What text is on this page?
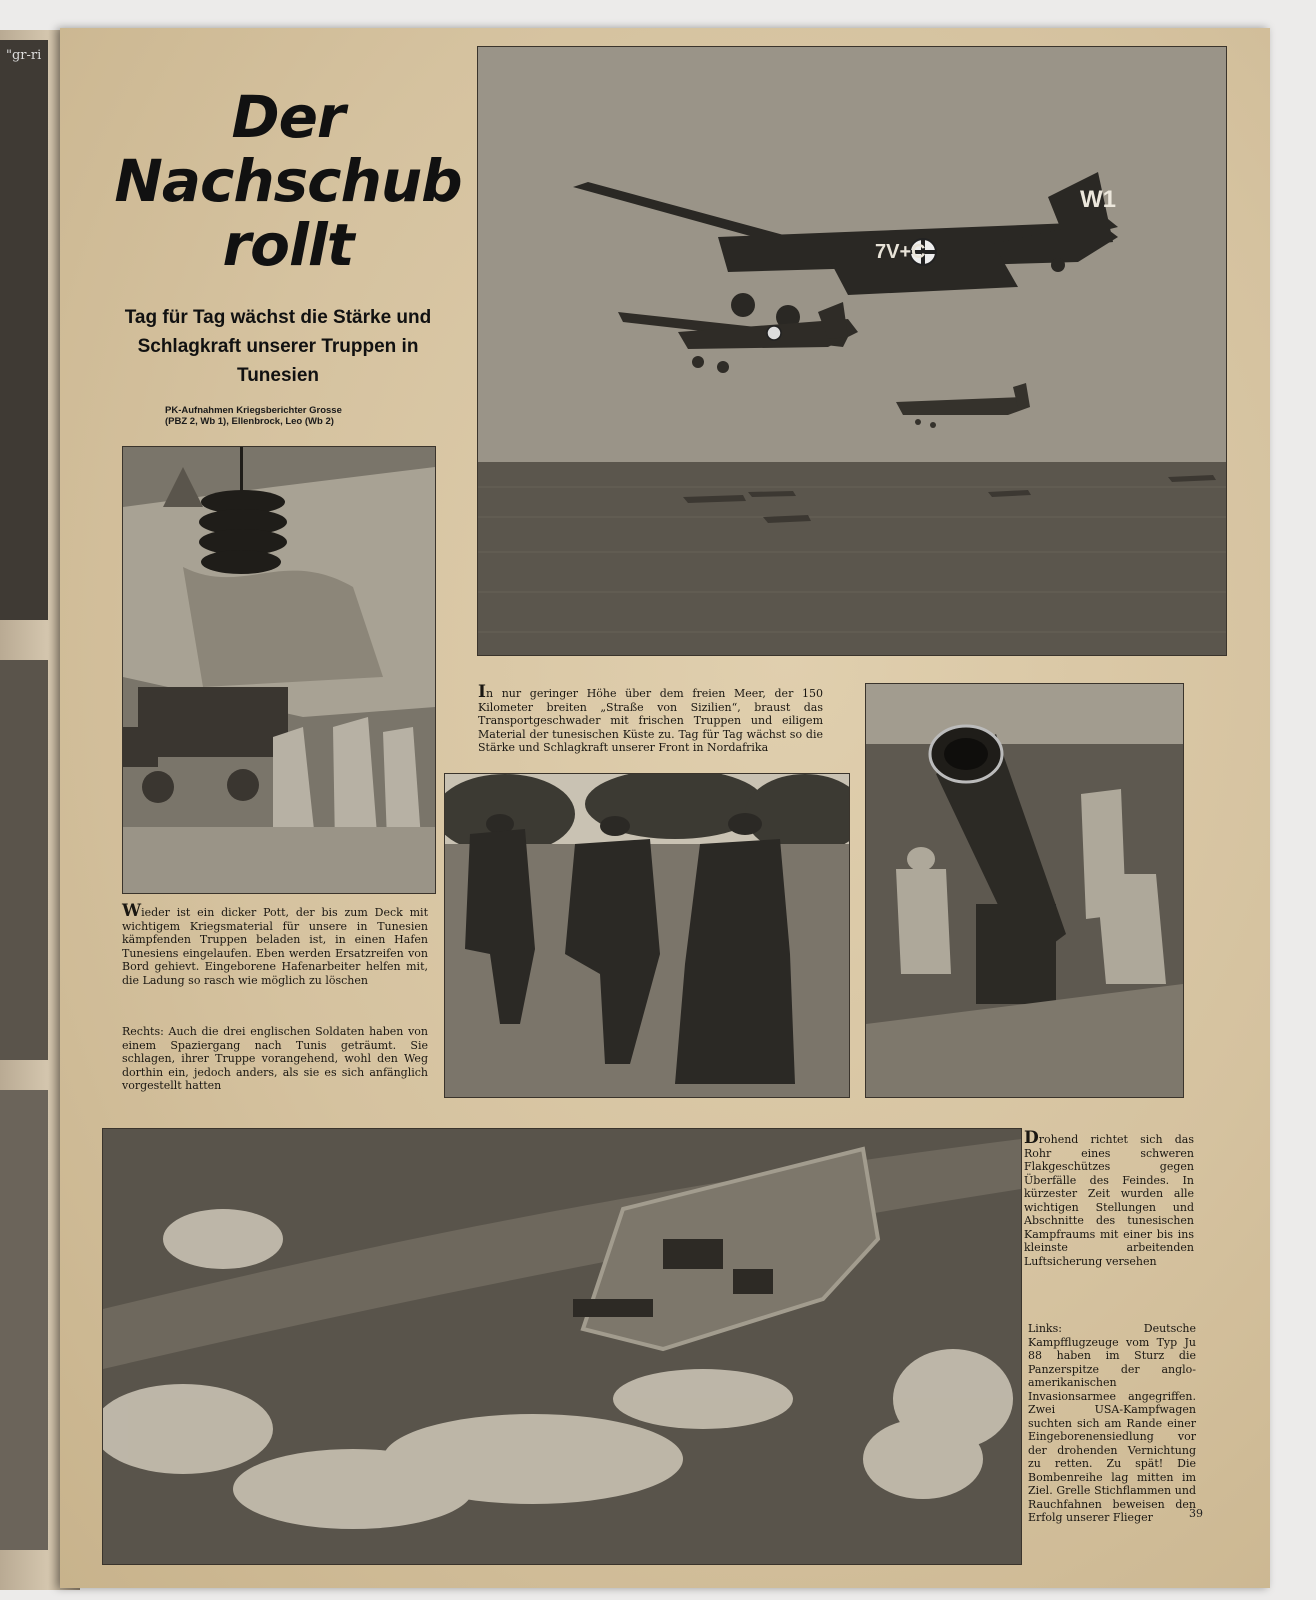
"gr-ri
Der
Nachschub
rollt
Tag für Tag wächst die Stärke und Schlagkraft unserer Truppen in Tunesien
PK-Aufnahmen Kriegsberichter Grosse
(PBZ 2, Wb 1), Ellenbrock, Leo (Wb 2)
7V+C
W1
Wieder ist ein dicker Pott, der bis zum Deck mit wichtigem Kriegsmaterial für unsere in Tunesien kämpfenden Truppen beladen ist, in einen Hafen Tunesiens eingelaufen. Eben werden Ersatzreifen von Bord gehievt. Eingeborene Hafenarbeiter helfen mit, die Ladung so rasch wie möglich zu löschen
Rechts: Auch die drei englischen Soldaten haben von einem Spaziergang nach Tunis geträumt. Sie schlagen, ihrer Truppe vorangehend, wohl den Weg dorthin ein, jedoch anders, als sie es sich anfänglich vorgestellt hatten
In nur geringer Höhe über dem freien Meer, der 150 Kilometer breiten „Straße von Sizilien“, braust das Transportgeschwader mit frischen Truppen und eiligem Material der tunesischen Küste zu. Tag für Tag wächst so die Stärke und Schlagkraft unserer Front in Nordafrika
Drohend richtet sich das Rohr eines schweren Flakgeschützes gegen Überfälle des Feindes. In kürzester Zeit wurden alle wichtigen Stellungen und Abschnitte des tunesischen Kampfraums mit einer bis ins kleinste arbeitenden Luftsicherung versehen
Links: Deutsche Kampfflugzeuge vom Typ Ju 88 haben im Sturz die Panzerspitze der anglo-amerikanischen Invasionsarmee angegriffen. Zwei USA-Kampfwagen suchten sich am Rande einer Eingeborenensiedlung vor der drohenden Vernichtung zu retten. Zu spät! Die Bombenreihe lag mitten im Ziel. Grelle Stichflammen und Rauchfahnen beweisen den Erfolg unserer Flieger	39
